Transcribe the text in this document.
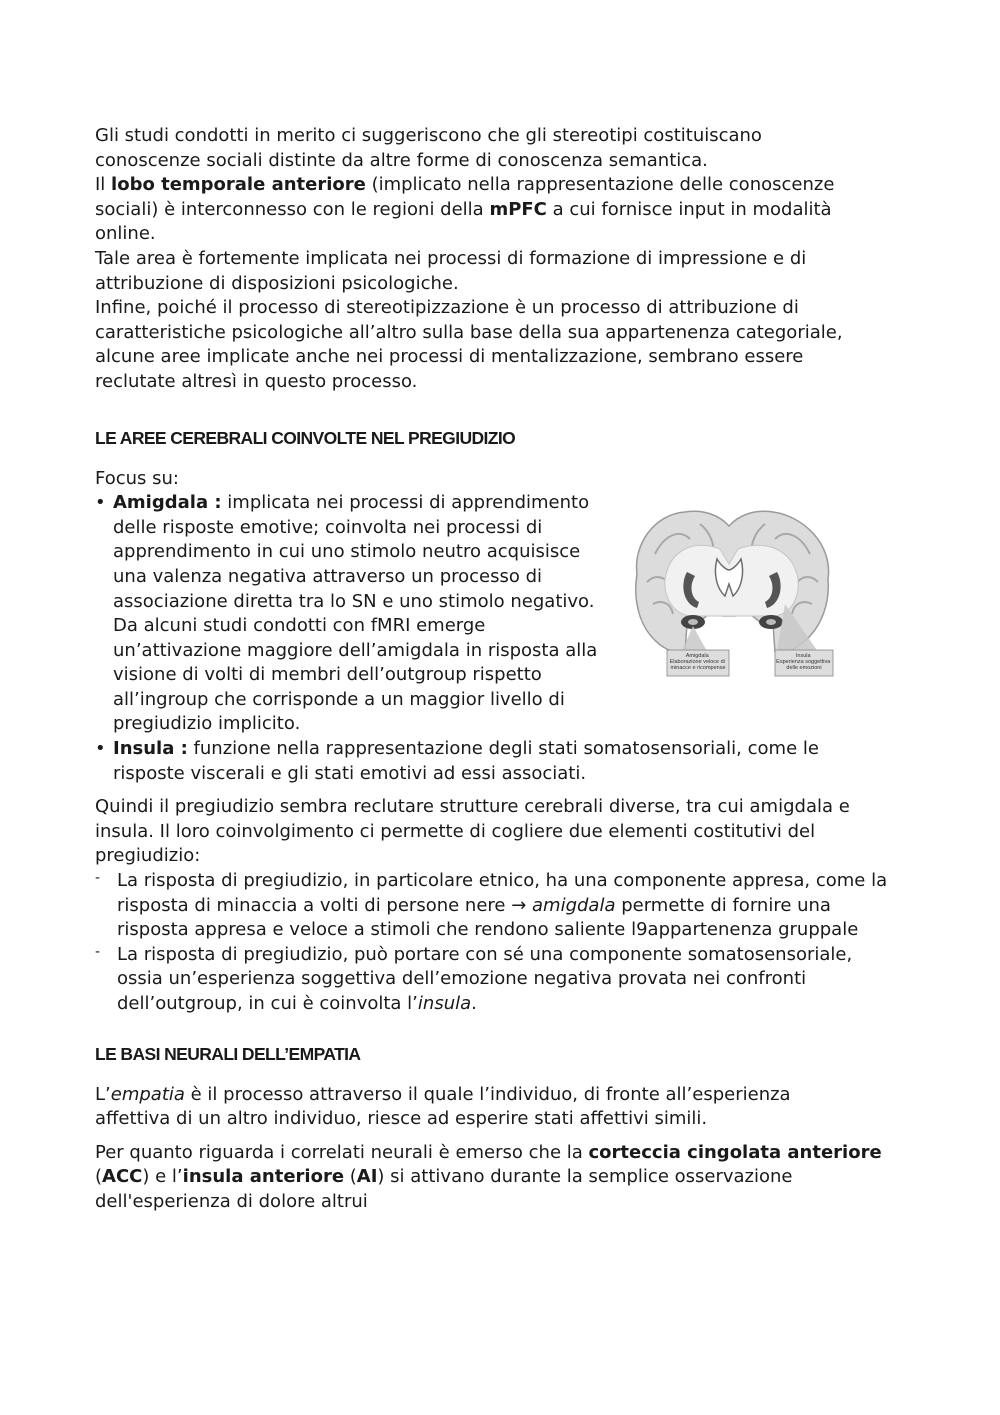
Gli studi condotti in merito ci suggeriscono che gli stereotipi costituiscano conoscenze sociali distinte da altre forme di conoscenza semantica.

Il lobo temporale anteriore (implicato nella rappresentazione delle conoscenze sociali) è interconnesso con le regioni della mPFC a cui fornisce input in modalità online.

Tale area è fortemente implicata nei processi di formazione di impressione e di attribuzione di disposizioni psicologiche.

Infine, poiché il processo di stereotipizzazione è un processo di attribuzione di caratteristiche psicologiche all’altro sulla base della sua appartenenza categoriale, alcune aree implicate anche nei processi di mentalizzazione, sembrano essere reclutate altresì in questo processo.

LE AREE CEREBRALI COINVOLTE NEL PREGIUDIZIO

Focus su:

• Amigdala : implicata nei processi di apprendimento delle risposte emotive; coinvolta nei processi di apprendimento in cui uno stimolo neutro acquisisce una valenza negativa attraverso un processo di associazione diretta tra lo SN e uno stimolo negativo. Da alcuni studi condotti con fMRI emerge un’attivazione maggiore dell’amigdala in risposta alla visione di volti di membri dell’outgroup rispetto all’ingroup che corrisponde a un maggior livello di pregiudizio implicito.
• Insula : funzione nella rappresentazione degli stati somatosensoriali, come le risposte viscerali e gli stati emotivi ad essi associati.

Quindi il pregiudizio sembra reclutare strutture cerebrali diverse, tra cui amigdala e insula. Il loro coinvolgimento ci permette di cogliere due elementi costitutivi del pregiudizio:

- La risposta di pregiudizio, in particolare etnico, ha una componente appresa, come la risposta di minaccia a volti di persone nere → amigdala permette di fornire una risposta appresa e veloce a stimoli che rendono saliente l9appartenenza gruppale
- La risposta di pregiudizio, può portare con sé una componente somatosensoriale, ossia un’esperienza soggettiva dell’emozione negativa provata nei confronti dell’outgroup, in cui è coinvolta l’insula.

LE BASI NEURALI DELL’EMPATIA

L’empatia è il processo attraverso il quale l’individuo, di fronte all’esperienza affettiva di un altro individuo, riesce ad esperire stati affettivi simili.

Per quanto riguarda i correlati neurali è emerso che la corteccia cingolata anteriore (ACC) e l’insula anteriore (AI) si attivano durante la semplice osservazione dell'esperienza di dolore altrui

Amigdala Elaborazione veloce di minacce e ricompense
Insula Esperienza soggettiva delle emozioni
